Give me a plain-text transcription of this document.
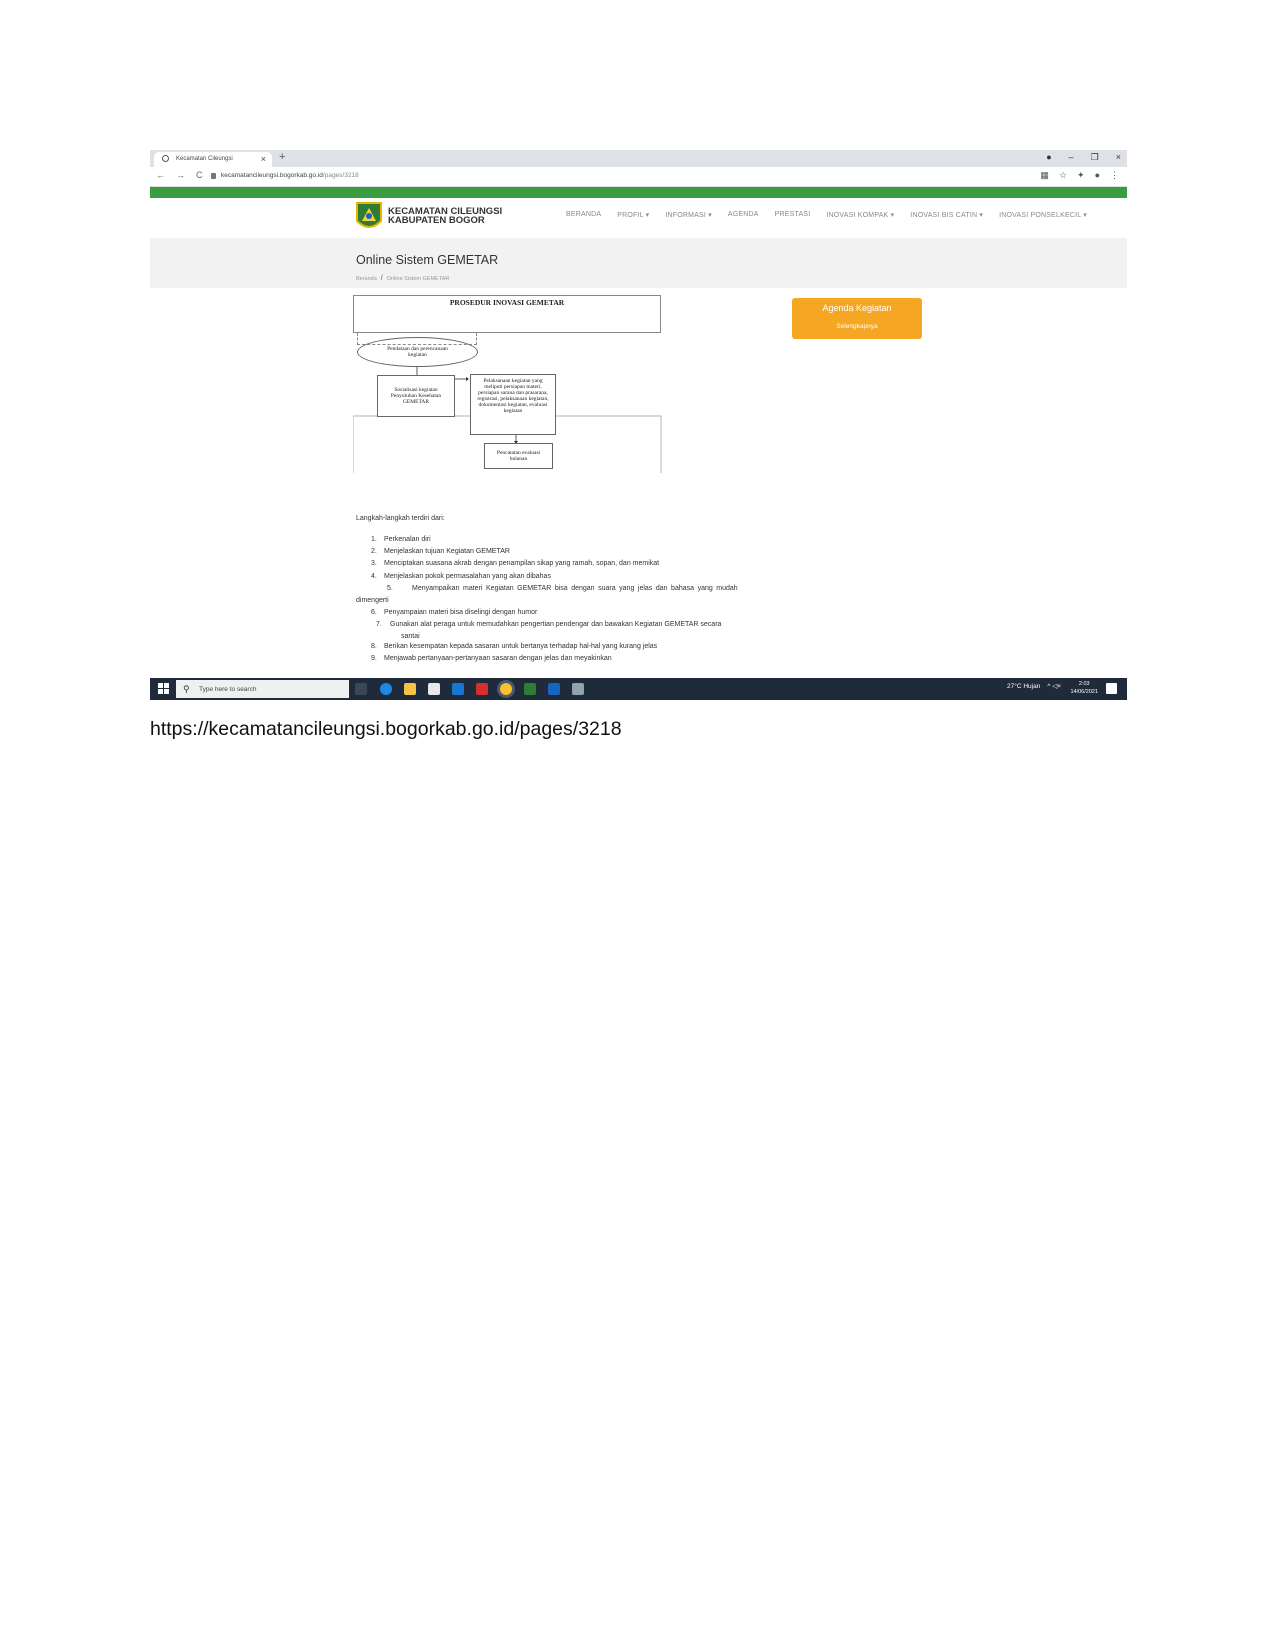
Kecamatan Cileungsi	× +	● – ❐ ×
← → C	kecamatancileungsi.bogorkab.go.id/pages/3218	▦ ☆ ✦ ● ⋮
KECAMATAN CILEUNGSI
KABUPATEN BOGOR
BERANDA PROFIL ▾ INFORMASI ▾ AGENDA PRESTASI INOVASI KOMPAK ▾ INOVASI BIS CATIN ▾ INOVASI PONSELKECIL ▾
Online Sistem GEMETAR
Beranda / Online Sistem GEMETAR
PROSEDUR INOVASI GEMETAR
Pendataan dan perencanaan kegiatan
Sosialisasi kegiatan Penyuluhan Kesehatan GEMETAR
Pelaksanaan kegiatan yang meliputi persiapan materi, persiapan sarana dan prasarana, registrasi, pelaksanaan kegiatan, dokumentasi kegiatan, evaluasi kegiatan
Pencatatan evaluasi bulanan
Agenda Kegiatan
Selengkapnya
Langkah-langkah terdiri dari:
1. Perkenalan diri
2. Menjelaskan tujuan Kegiatan GEMETAR
3. Menciptakan suasana akrab dengan penampilan sikap yang ramah, sopan, dan memikat
4. Menjelaskan pokok permasalahan yang akan dibahas
5.	Menyampaikan materi Kegiatan GEMETAR bisa dengan suara yang jelas dan bahasa yang mudah
dimengerti
6. Penyampaian materi bisa diselingi dengan humor
7. Gunakan alat peraga untuk memudahkan pengertian pendengar dan bawakan Kegiatan GEMETAR secara
santai
8. Berikan kesempatan kepada sasaran untuk bertanya terhadap hal-hal yang kurang jelas
9. Menjawab pertanyaan-pertanyaan sasaran dengan jelas dan meyakinkan
⚲ Type here to search	27°C Hujan ^ ◁×	2:03
14/06/2021
https://kecamatancileungsi.bogorkab.go.id/pages/3218
